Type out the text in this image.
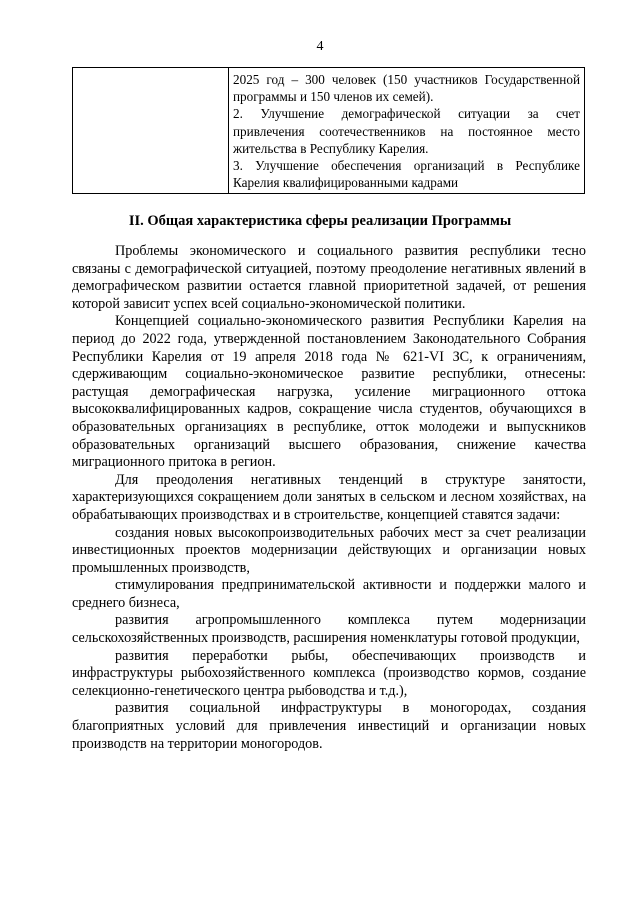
4

2025 год – 300 человек (150 участников Государственной программы и 150 членов их семей).

2. Улучшение демографической ситуации за счет привлечения соотечественников на постоянное место жительства в Республику Карелия.

3. Улучшение обеспечения организаций в Республике Карелия квалифицированными кадрами

II. Общая характеристика сферы реализации Программы

Проблемы экономического и социального развития республики тесно связаны с демографической ситуацией, поэтому преодоление негативных явлений в демографическом развитии остается главной приоритетной задачей, от решения которой зависит успех всей социально-экономической политики.

Концепцией социально-экономического развития Республики Карелия на период до 2022 года, утвержденной постановлением Законодательного Собрания Республики Карелия от 19 апреля 2018 года № 621-VI ЗС, к ограничениям, сдерживающим социально-экономическое развитие республики, отнесены: растущая демографическая нагрузка, усиление миграционного оттока высококвалифицированных кадров, сокращение числа студентов, обучающихся в образовательных организациях в республике, отток молодежи и выпускников образовательных организаций высшего образования, снижение качества миграционного притока в регион.

Для преодоления негативных тенденций в структуре занятости, характеризующихся сокращением доли занятых в сельском и лесном хозяйствах, на обрабатывающих производствах и в строительстве, концепцией ставятся задачи:

создания новых высокопроизводительных рабочих мест за счет реализации инвестиционных проектов модернизации действующих и организации новых промышленных производств,

стимулирования предпринимательской активности и поддержки малого и среднего бизнеса,

развития агропромышленного комплекса путем модернизации сельскохозяйственных производств, расширения номенклатуры готовой продукции,

развития переработки рыбы, обеспечивающих производств и инфраструктуры рыбохозяйственного комплекса (производство кормов, создание селекционно-генетического центра рыбоводства и т.д.),

развития социальной инфраструктуры в моногородах, создания благоприятных условий для привлечения инвестиций и организации новых производств на территории моногородов.
